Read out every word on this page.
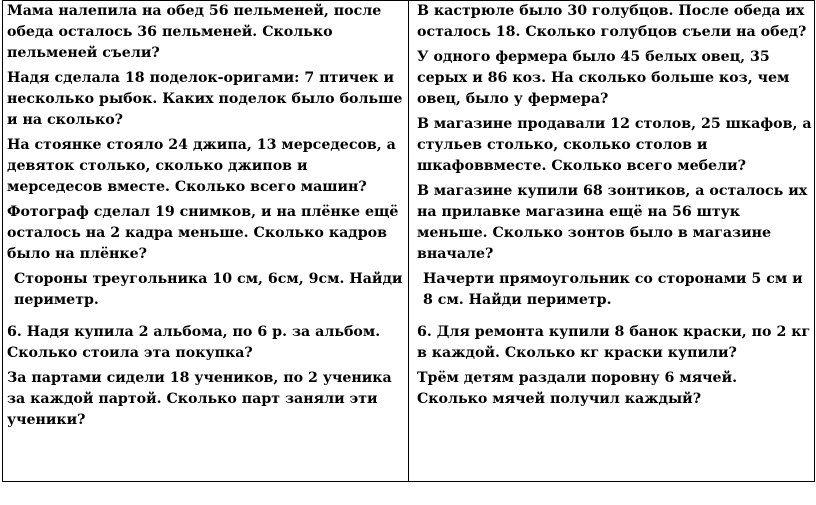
Мама налепила на обед 56 пельменей, после обеда осталось 36 пельменей. Сколько пельменей съели?

Надя сделала 18 поделок-оригами: 7 птичек и несколько рыбок. Каких поделок было больше и на сколько?

На стоянке стояло 24 джипа, 13 мерседесов, а девяток столько, сколько джипов и мерседесов вместе. Сколько всего машин?

Фотограф сделал 19 снимков, и на плёнке ещё осталось на 2 кадра меньше. Сколько кадров было на плёнке?

Стороны треугольника 10 см, 6см, 9см. Найди периметр.

6. Надя купила 2 альбома, по 6 р. за альбом. Сколько стоила эта покупка?

За партами сидели 18 учеников, по 2 ученика за каждой партой. Сколько парт заняли эти ученики?

В кастрюле было 30 голубцов. После обеда их осталось 18. Сколько голубцов съели на обед?

У одного фермера было 45 белых овец, 35 серых и 86 коз. На сколько больше коз, чем овец, было у фермера?

В магазине продавали 12 столов, 25 шкафов, а стульев столько, сколько столов и шкафоввместе. Сколько всего мебели?

В магазине купили 68 зонтиков, а осталось их на прилавке магазина ещё на 56 штук меньше. Сколько зонтов было в магазине вначале?

Начерти прямоугольник со сторонами 5 см и 8 см. Найди периметр.

6. Для ремонта купили 8 банок краски, по 2 кг в каждой. Сколько кг краски купили?

Трём детям раздали поровну 6 мячей. Сколько мячей получил каждый?
